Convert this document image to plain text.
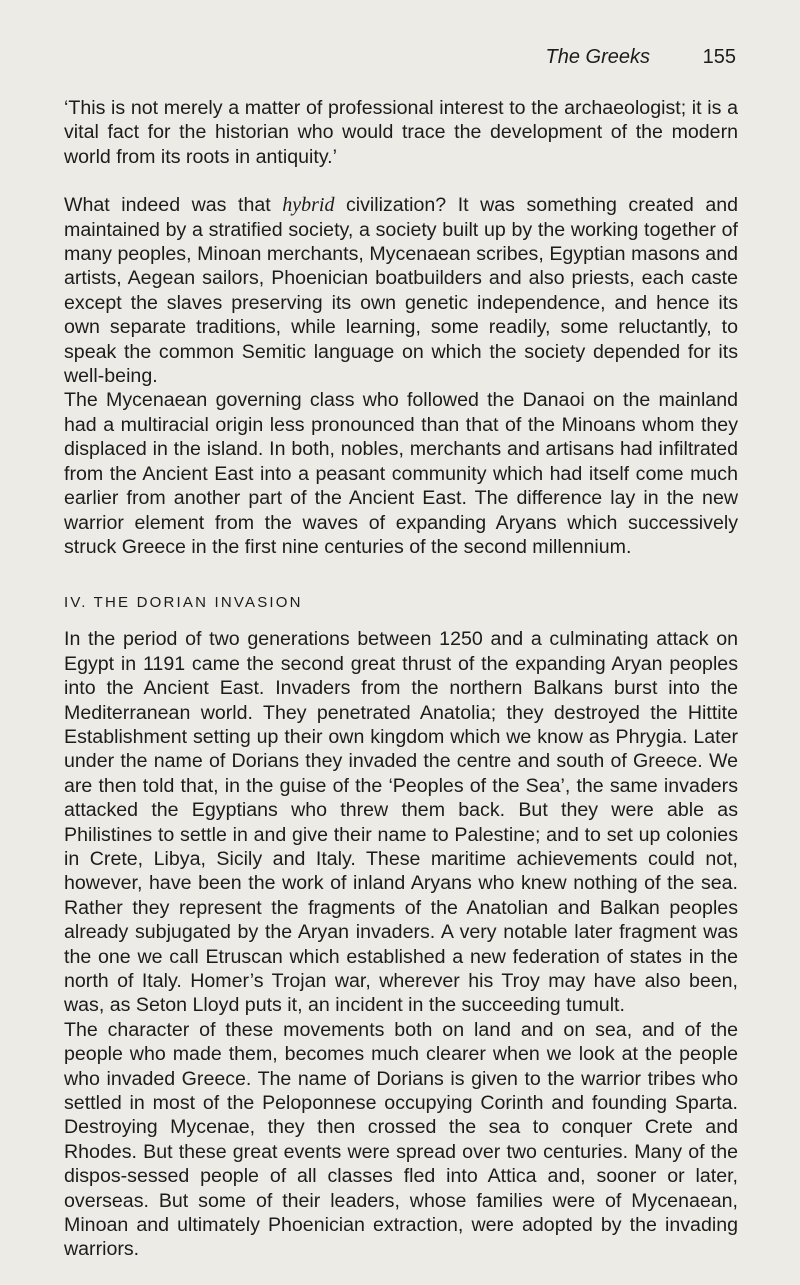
The Greeks	155

‘This is not merely a matter of professional interest to the archaeologist; it is a vital fact for the historian who would trace the development of the modern world from its roots in antiquity.’

What indeed was that hybrid civilization? It was something created and maintained by a stratified society, a society built up by the working together of many peoples, Minoan merchants, Mycenaean scribes, Egyptian masons and artists, Aegean sailors, Phoenician boatbuilders and also priests, each caste except the slaves preserving its own genetic independence, and hence its own separate traditions, while learning, some readily, some reluctantly, to speak the common Semitic language on which the society depended for its well-being.

The Mycenaean governing class who followed the Danaoi on the mainland had a multiracial origin less pronounced than that of the Minoans whom they displaced in the island. In both, nobles, merchants and artisans had infiltrated from the Ancient East into a peasant community which had itself come much earlier from another part of the Ancient East. The difference lay in the new warrior element from the waves of expanding Aryans which successively struck Greece in the first nine centuries of the second millennium.

IV. THE DORIAN INVASION

In the period of two generations between 1250 and a culminating attack on Egypt in 1191 came the second great thrust of the expanding Aryan peoples into the Ancient East. Invaders from the northern Balkans burst into the Mediterranean world. They penetrated Anatolia; they destroyed the Hittite Establishment setting up their own kingdom which we know as Phrygia. Later under the name of Dorians they invaded the centre and south of Greece. We are then told that, in the guise of the ‘Peoples of the Sea’, the same invaders attacked the Egyptians who threw them back. But they were able as Philistines to settle in and give their name to Palestine; and to set up colonies in Crete, Libya, Sicily and Italy. These maritime achievements could not, however, have been the work of inland Aryans who knew nothing of the sea. Rather they represent the fragments of the Anatolian and Balkan peoples already subjugated by the Aryan invaders. A very notable later fragment was the one we call Etruscan which established a new federation of states in the north of Italy. Homer’s Trojan war, wherever his Troy may have also been, was, as Seton Lloyd puts it, an incident in the succeeding tumult.

The character of these movements both on land and on sea, and of the people who made them, becomes much clearer when we look at the people who invaded Greece. The name of Dorians is given to the warrior tribes who settled in most of the Peloponnese occupying Corinth and founding Sparta. Destroying Mycenae, they then crossed the sea to conquer Crete and Rhodes. But these great events were spread over two centuries. Many of the dispos-sessed people of all classes fled into Attica and, sooner or later, overseas. But some of their leaders, whose families were of Mycenaean, Minoan and ultimately Phoenician extraction, were adopted by the invading warriors.
